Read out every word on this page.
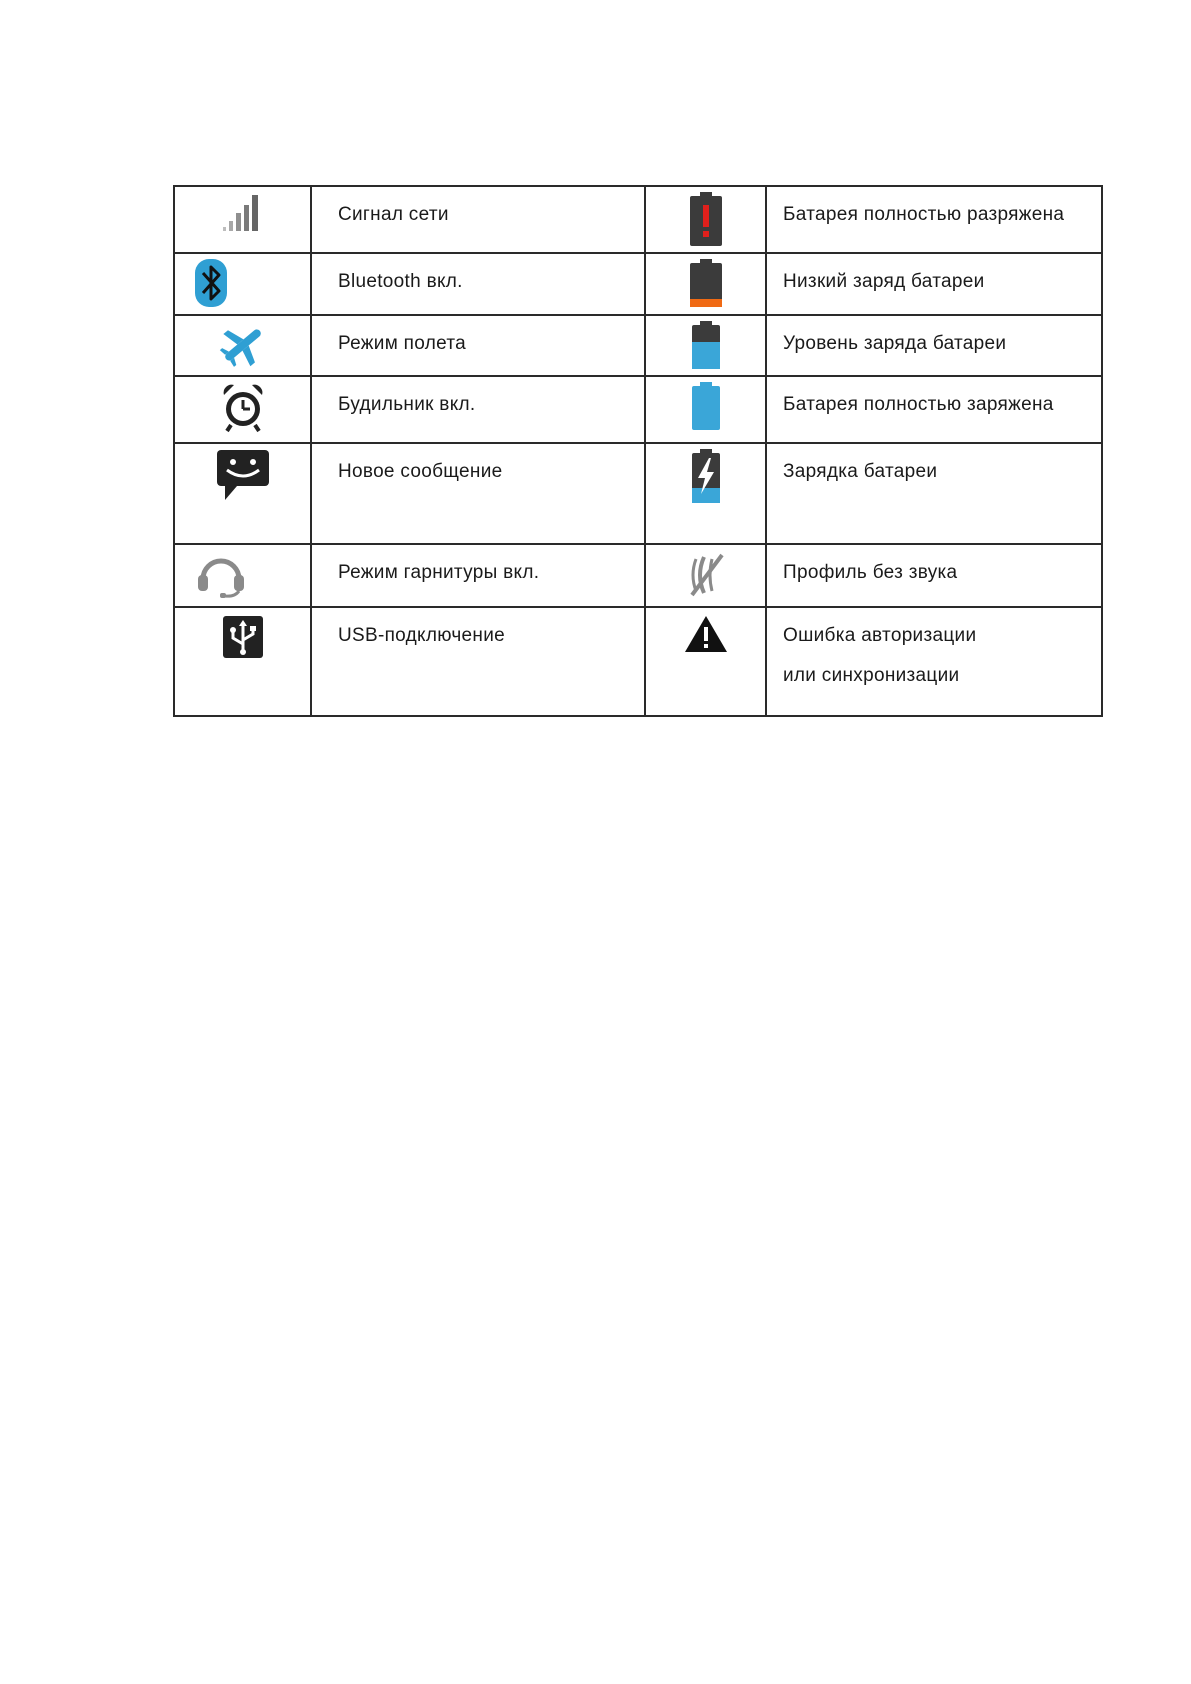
Сигнал сети		Батарея полностью разряжена

Bluetooth вкл.		Низкий заряд батареи

Режим полета		Уровень заряда батареи

Будильник вкл.		Батарея полностью заряжена

Новое сообщение		Зарядка батареи

Режим гарнитуры вкл.		Профиль без звука

USB-подключение		Ошибка авторизации
или синхронизации
